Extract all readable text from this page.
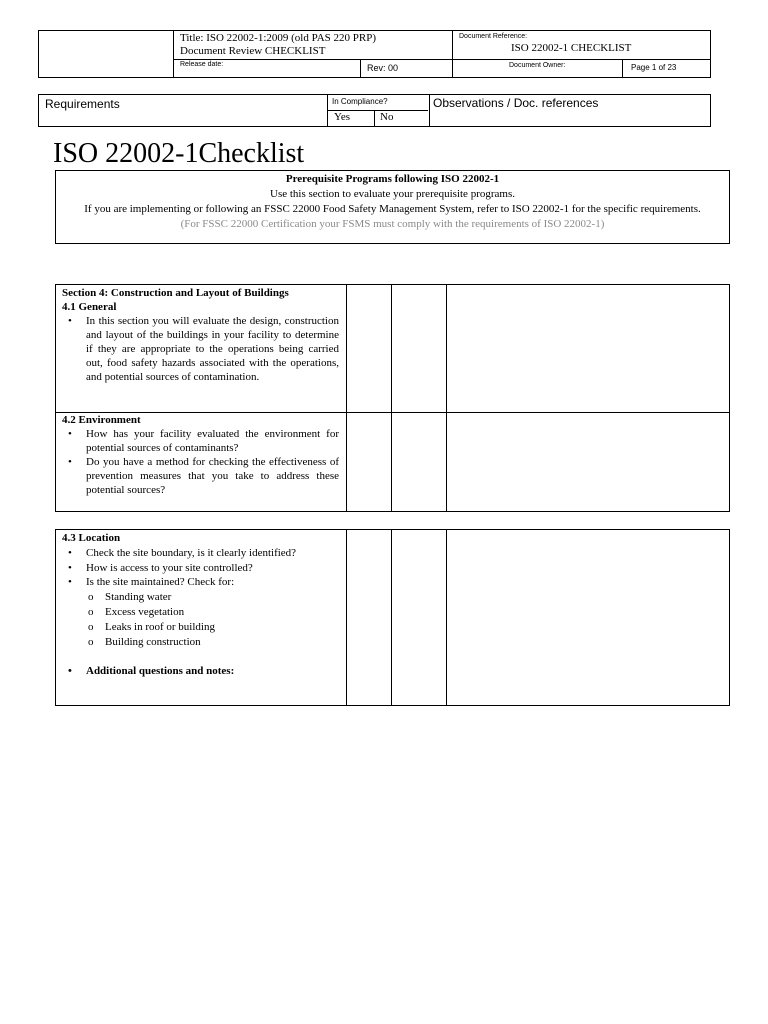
Title: ISO 22002-1:2009 (old PAS 220 PRP)
Document Review CHECKLIST
Document Reference:
ISO 22002-1 CHECKLIST
Release date:	Rev: 00	Document Owner:	Page 1 of 23
Requirements	In Compliance?
Yes	No
Observations / Doc. references
ISO 22002-1Checklist
Prerequisite Programs following ISO 22002-1
Use this section to evaluate your prerequisite programs.
If you are implementing or following an FSSC 22000 Food Safety Management System, refer to ISO 22002-1 for the specific requirements.
(For FSSC 22000 Certification your FSMS must comply with the requirements of ISO 22002-1)
Section 4: Construction and Layout of Buildings
4.1 General
• In this section you will evaluate the design, construction and layout of the buildings in your facility to determine if they are appropriate to the operations being carried out, food safety hazards associated with the operations, and potential sources of contamination.
4.2 Environment
• How has your facility evaluated the environment for potential sources of contaminants?
• Do you have a method for checking the effectiveness of prevention measures that you take to address these potential sources?
4.3 Location
• Check the site boundary, is it clearly identified?
• How is access to your site controlled?
• Is the site maintained? Check for:
o Standing water
o Excess vegetation
o Leaks in roof or building
o Building construction
• Additional questions and notes:
